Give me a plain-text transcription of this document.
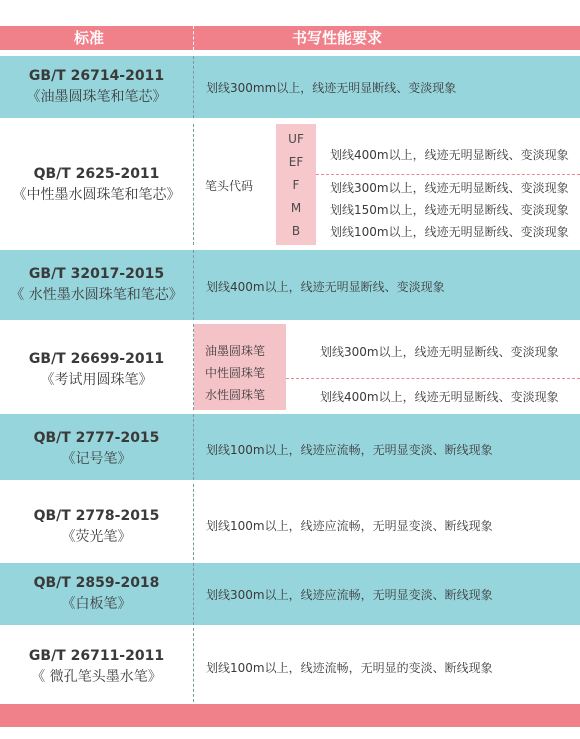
标准	书写性能要求
GB/T 26714-2011
《油墨圆珠笔和笔芯》
划线300mm以上，线迹无明显断线、变淡现象
QB/T 2625-2011
《中性墨水圆珠笔和笔芯》
笔头代码
UF
EF
F
M
B
划线400m以上，线迹无明显断线、变淡现象
划线300m以上，线迹无明显断线、变淡现象
划线150m以上，线迹无明显断线、变淡现象
划线100m以上，线迹无明显断线、变淡现象
GB/T 32017-2015
《 水性墨水圆珠笔和笔芯》	划线400m以上，线迹无明显断线、变淡现象
GB/T 26699-2011
《考试用圆珠笔》
油墨圆珠笔
中性圆珠笔
水性圆珠笔
划线300m以上，线迹无明显断线、变淡现象
划线400m以上，线迹无明显断线、变淡现象
QB/T 2777-2015
《记号笔》
划线100m以上，线迹应流畅，无明显变淡、断线现象
QB/T 2778-2015
《荧光笔》
划线100m以上，线迹应流畅，无明显变淡、断线现象
QB/T 2859-2018
《白板笔》
划线300m以上，线迹应流畅，无明显变淡、断线现象
GB/T 26711-2011
《 微孔笔头墨水笔》
划线100m以上，线迹流畅，无明显的变淡、断线现象
